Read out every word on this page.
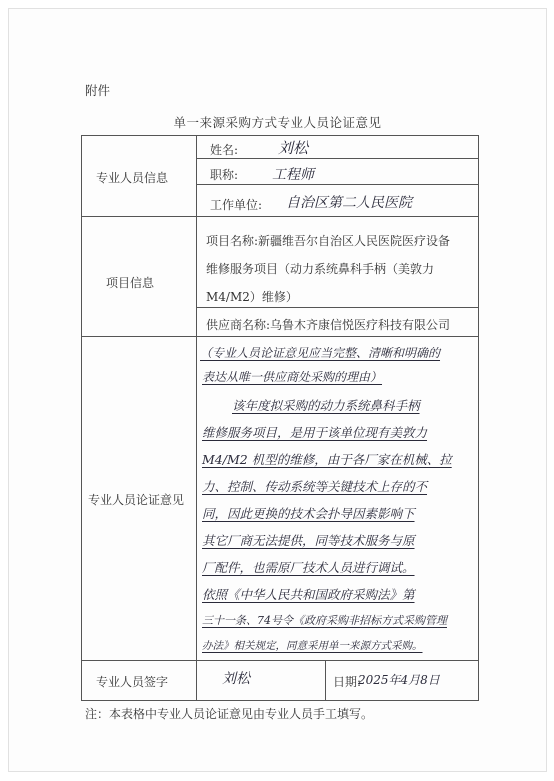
附件
单一来源采购方式专业人员论证意见
专业人员信息
项目信息
专业人员论证意见
专业人员签字
姓名:	刘松
职称: 工程师
工作单位: 自治区第二人民医院
项目名称:新疆维吾尔自治区人民医院医疗设备
维修服务项目（动力系统鼻科手柄（美敦力
M4/M2）维修）
供应商名称:乌鲁木齐康信悦医疗科技有限公司
（专业人员论证意见应当完整、清晰和明确的
表达从唯一供应商处采购的理由）
该年度拟采购的动力系统鼻科手柄
维修服务项目，是用于该单位现有美敦力
M4/M2 机型的维修，由于各厂家在机械、拉
力、控制、传动系统等关键技术上存的不
同，因此更换的技术会扑导因素影响下
其它厂商无法提供，同等技术服务与原
厂配件，也需原厂技术人员进行调试。
依照《中华人民共和国政府采购法》第
三十一条、74号令《政府采购非招标方式采购管理
办法》相关规定，同意采用单一来源方式采购。
刘松	日期:
2025年4月8日
注：本表格中专业人员论证意见由专业人员手工填写。
